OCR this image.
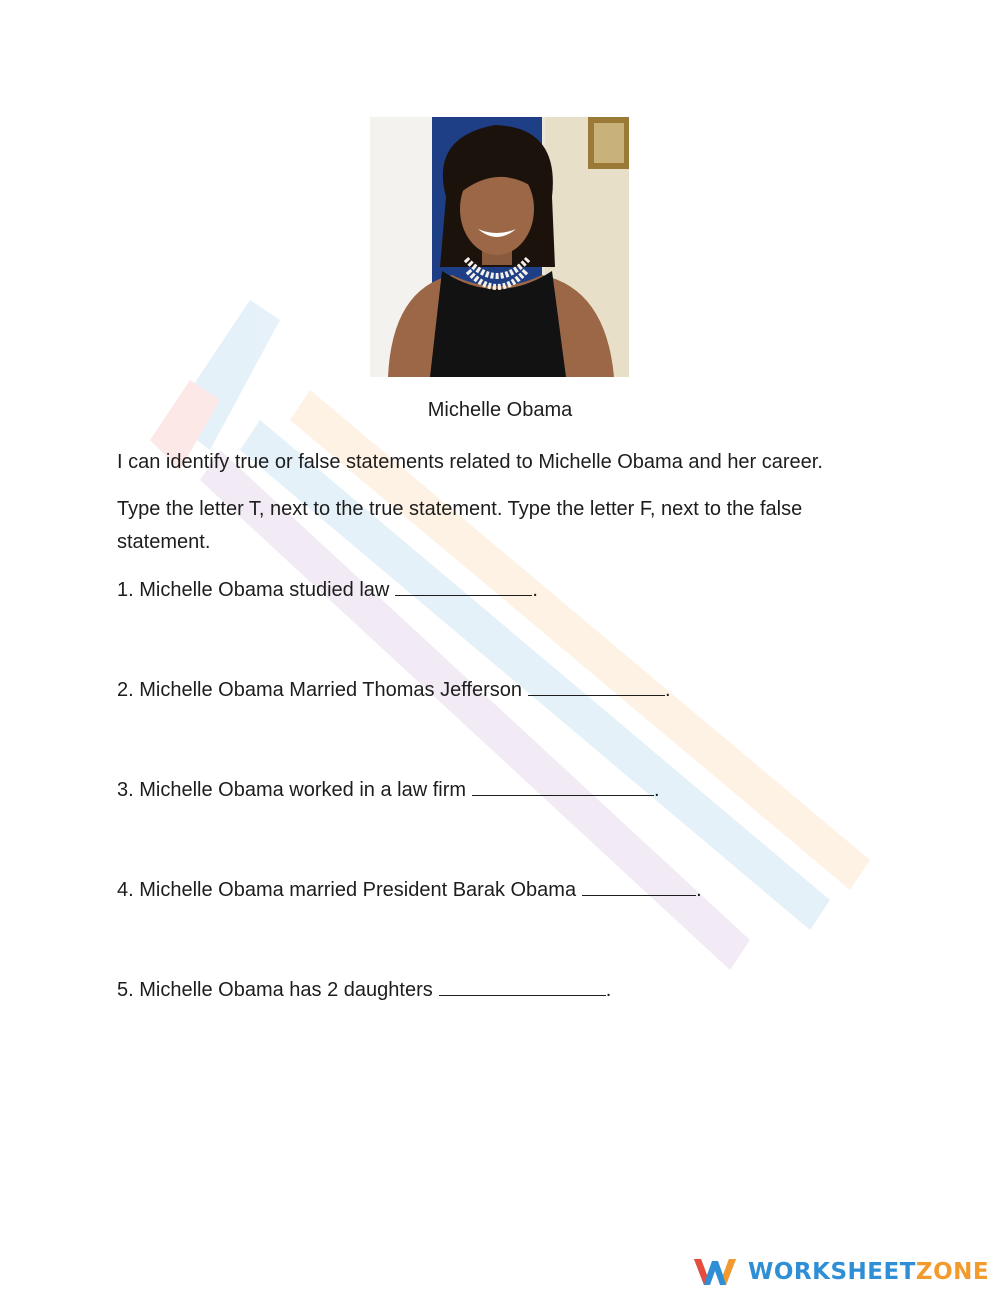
Michelle Obama
I can identify true or false statements related to Michelle Obama and her career.
Type the letter T, next to the true statement. Type the letter F, next to the false statement.
1. Michelle Obama studied law	.
2. Michelle Obama Married Thomas Jefferson	.
3. Michelle Obama worked in a law firm	.
4. Michelle Obama married President Barak Obama	.
5. Michelle Obama has 2 daughters	.
WORKSHEETZONE
